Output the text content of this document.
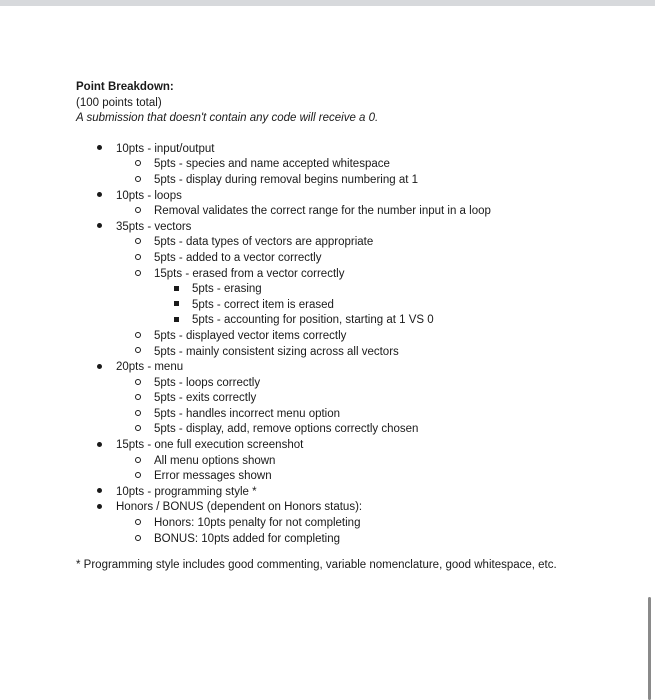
Point Breakdown:
(100 points total)
A submission that doesn't contain any code will receive a 0.
10pts - input/output
5pts - species and name accepted whitespace
5pts - display during removal begins numbering at 1
10pts - loops
Removal validates the correct range for the number input in a loop
35pts - vectors
5pts - data types of vectors are appropriate
5pts - added to a vector correctly
15pts - erased from a vector correctly
5pts - erasing
5pts - correct item is erased
5pts - accounting for position, starting at 1 VS 0
5pts - displayed vector items correctly
5pts - mainly consistent sizing across all vectors
20pts - menu
5pts - loops correctly
5pts - exits correctly
5pts - handles incorrect menu option
5pts - display, add, remove options correctly chosen
15pts - one full execution screenshot
All menu options shown
Error messages shown
10pts - programming style *
Honors / BONUS (dependent on Honors status):
Honors: 10pts penalty for not completing
BONUS: 10pts added for completing
* Programming style includes good commenting, variable nomenclature, good whitespace, etc.
